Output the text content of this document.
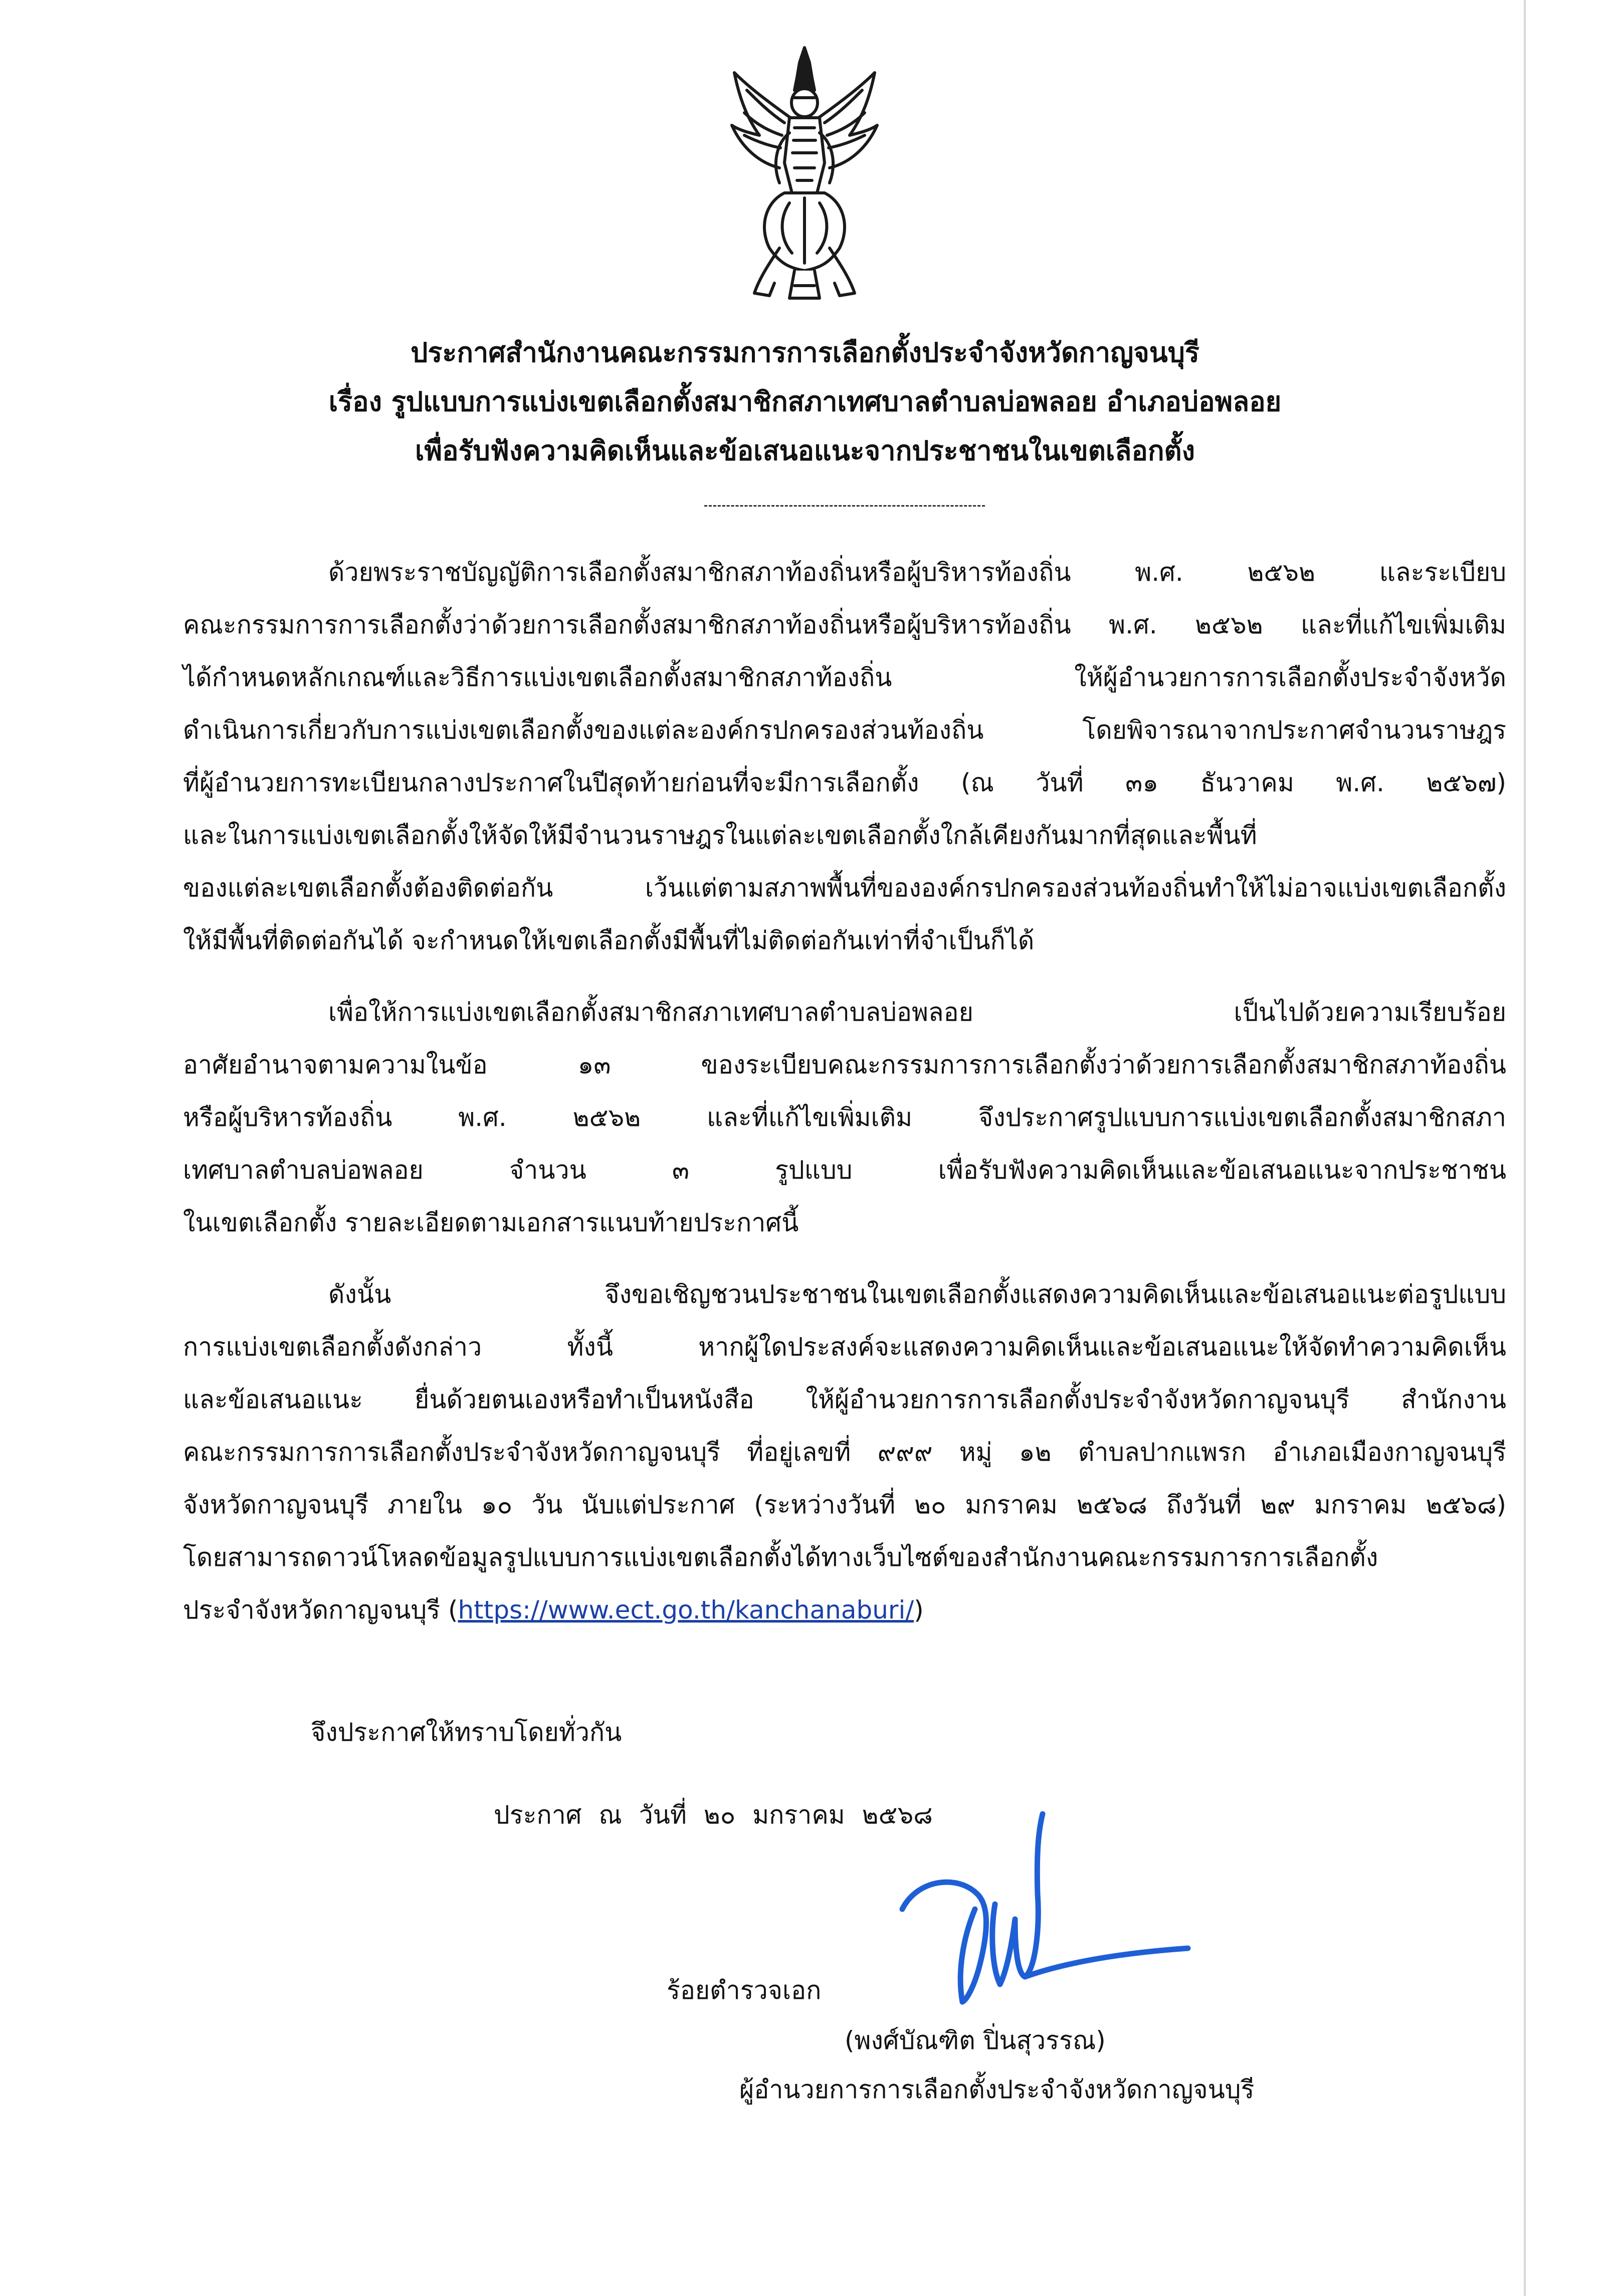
ประกาศสำนักงานคณะกรรมการการเลือกตั้งประจำจังหวัดกาญจนบุรี
เรื่อง รูปแบบการแบ่งเขตเลือกตั้งสมาชิกสภาเทศบาลตำบลบ่อพลอย อำเภอบ่อพลอย
เพื่อรับฟังความคิดเห็นและข้อเสนอแนะจากประชาชนในเขตเลือกตั้ง
ด้วยพระราชบัญญัติการเลือกตั้งสมาชิกสภาท้องถิ่นหรือผู้บริหารท้องถิ่น พ.ศ. ๒๕๖๒ และระเบียบ
คณะกรรมการการเลือกตั้งว่าด้วยการเลือกตั้งสมาชิกสภาท้องถิ่นหรือผู้บริหารท้องถิ่น พ.ศ. ๒๕๖๒ และที่แก้ไขเพิ่มเติม
ได้กำหนดหลักเกณฑ์และวิธีการแบ่งเขตเลือกตั้งสมาชิกสภาท้องถิ่น ให้ผู้อำนวยการการเลือกตั้งประจำจังหวัด
ดำเนินการเกี่ยวกับการแบ่งเขตเลือกตั้งของแต่ละองค์กรปกครองส่วนท้องถิ่น โดยพิจารณาจากประกาศจำนวนราษฎร
ที่ผู้อำนวยการทะเบียนกลางประกาศในปีสุดท้ายก่อนที่จะมีการเลือกตั้ง (ณ วันที่ ๓๑ ธันวาคม พ.ศ. ๒๕๖๗)
และในการแบ่งเขตเลือกตั้งให้จัดให้มีจำนวนราษฎรในแต่ละเขตเลือกตั้งใกล้เคียงกันมากที่สุดและพื้นที่
ของแต่ละเขตเลือกตั้งต้องติดต่อกัน เว้นแต่ตามสภาพพื้นที่ขององค์กรปกครองส่วนท้องถิ่นทำให้ไม่อาจแบ่งเขตเลือกตั้ง
ให้มีพื้นที่ติดต่อกันได้ จะกำหนดให้เขตเลือกตั้งมีพื้นที่ไม่ติดต่อกันเท่าที่จำเป็นก็ได้
เพื่อให้การแบ่งเขตเลือกตั้งสมาชิกสภาเทศบาลตำบลบ่อพลอย เป็นไปด้วยความเรียบร้อย
อาศัยอำนาจตามความในข้อ ๑๓ ของระเบียบคณะกรรมการการเลือกตั้งว่าด้วยการเลือกตั้งสมาชิกสภาท้องถิ่น
หรือผู้บริหารท้องถิ่น พ.ศ. ๒๕๖๒ และที่แก้ไขเพิ่มเติม จึงประกาศรูปแบบการแบ่งเขตเลือกตั้งสมาชิกสภา
เทศบาลตำบลบ่อพลอย จำนวน ๓ รูปแบบ เพื่อรับฟังความคิดเห็นและข้อเสนอแนะจากประชาชน
ในเขตเลือกตั้ง รายละเอียดตามเอกสารแนบท้ายประกาศนี้
ดังนั้น จึงขอเชิญชวนประชาชนในเขตเลือกตั้งแสดงความคิดเห็นและข้อเสนอแนะต่อรูปแบบ
การแบ่งเขตเลือกตั้งดังกล่าว ทั้งนี้ หากผู้ใดประสงค์จะแสดงความคิดเห็นและข้อเสนอแนะให้จัดทำความคิดเห็น
และข้อเสนอแนะ ยื่นด้วยตนเองหรือทำเป็นหนังสือ ให้ผู้อำนวยการการเลือกตั้งประจำจังหวัดกาญจนบุรี สำนักงาน
คณะกรรมการการเลือกตั้งประจำจังหวัดกาญจนบุรี ที่อยู่เลขที่ ๙๙๙ หมู่ ๑๒ ตำบลปากแพรก อำเภอเมืองกาญจนบุรี
จังหวัดกาญจนบุรี ภายใน ๑๐ วัน นับแต่ประกาศ (ระหว่างวันที่ ๒๐ มกราคม ๒๕๖๘ ถึงวันที่ ๒๙ มกราคม ๒๕๖๘)
โดยสามารถดาวน์โหลดข้อมูลรูปแบบการแบ่งเขตเลือกตั้งได้ทางเว็บไซต์ของสำนักงานคณะกรรมการการเลือกตั้ง
ประจำจังหวัดกาญจนบุรี (https://www.ect.go.th/kanchanaburi/)
จึงประกาศให้ทราบโดยทั่วกัน
ประกาศ ณ วันที่ ๒๐ มกราคม ๒๕๖๘
ร้อยตำรวจเอก
(พงศ์บัณฑิต ปิ่นสุวรรณ)
ผู้อำนวยการการเลือกตั้งประจำจังหวัดกาญจนบุรี
